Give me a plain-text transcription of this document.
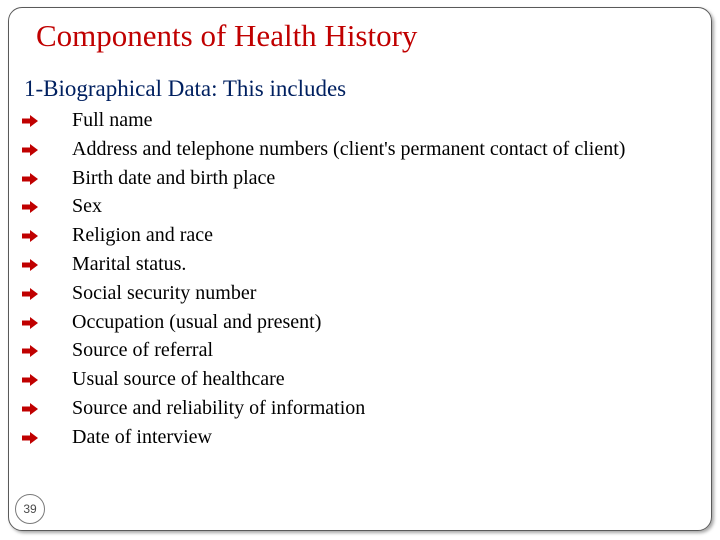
Components of Health History
1-Biographical Data: This includes
Full name
Address and telephone numbers (client's permanent contact of client)
Birth date and birth place
Sex
Religion and race
Marital status.
Social security number
Occupation (usual and present)
Source of referral
Usual source of healthcare
Source and reliability of information
Date of interview
39
